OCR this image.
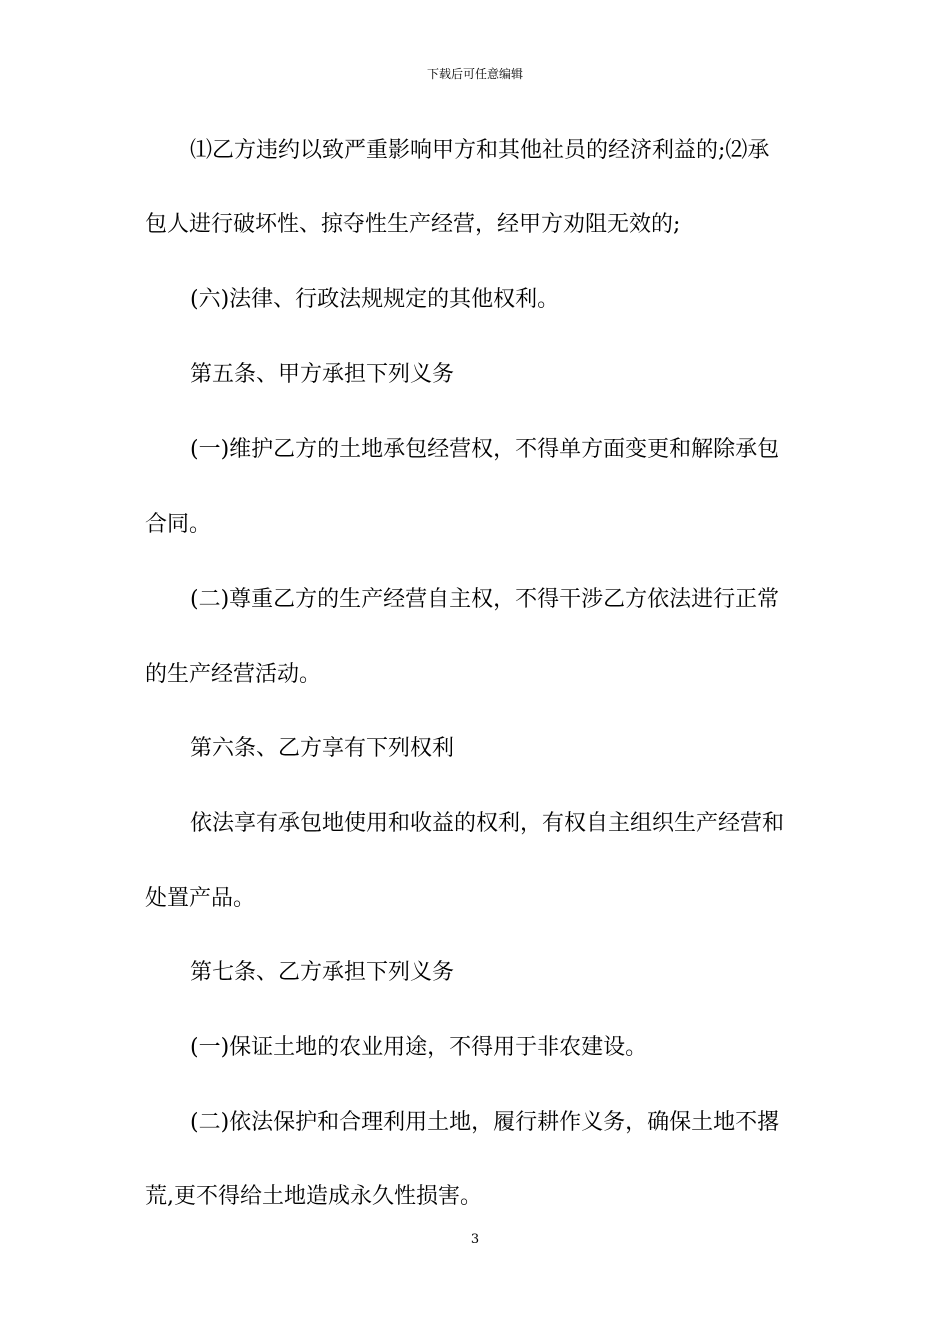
下载后可任意编辑
⑴乙方违约以致严重影响甲方和其他社员的经济利益的;⑵承
包人进行破坏性、掠夺性生产经营，经甲方劝阻无效的;
(六)法律、行政法规规定的其他权利。
第五条、甲方承担下列义务
(一)维护乙方的土地承包经营权，不得单方面变更和解除承包
合同。
(二)尊重乙方的生产经营自主权，不得干涉乙方依法进行正常
的生产经营活动。
第六条、乙方享有下列权利
依法享有承包地使用和收益的权利，有权自主组织生产经营和
处置产品。
第七条、乙方承担下列义务
(一)保证土地的农业用途，不得用于非农建设。
(二)依法保护和合理利用土地，履行耕作义务，确保土地不撂
荒,更不得给土地造成永久性损害。
3
